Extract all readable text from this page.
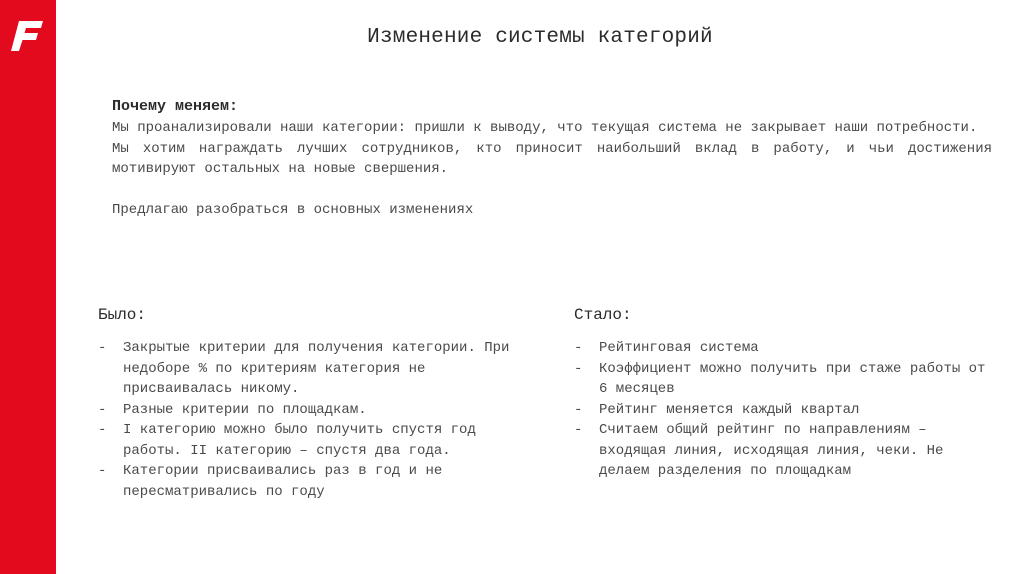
Изменение системы категорий
Почему меняем:

Мы проанализировали наши категории: пришли к выводу, что текущая система не закрывает наши потребности.

Мы хотим награждать лучших сотрудников, кто приносит наибольший вклад в работу, и чьи достижения мотивируют остальных на новые свершения.

Предлагаю разобраться в основных изменениях

Было:
- Закрытые критерии для получения категории. При недоборе % по критериям категория не присваивалась никому.
- Разные критерии по площадкам.
- I категорию можно было получить спустя год работы. II категорию – спустя два года.
- Категории присваивались раз в год и не пересматривались по году
Стало:
- Рейтинговая система
- Коэффициент можно получить при стаже работы от 6 месяцев
- Рейтинг меняется каждый квартал
- Считаем общий рейтинг по направлениям – входящая линия, исходящая линия, чеки. Не делаем разделения по площадкам
